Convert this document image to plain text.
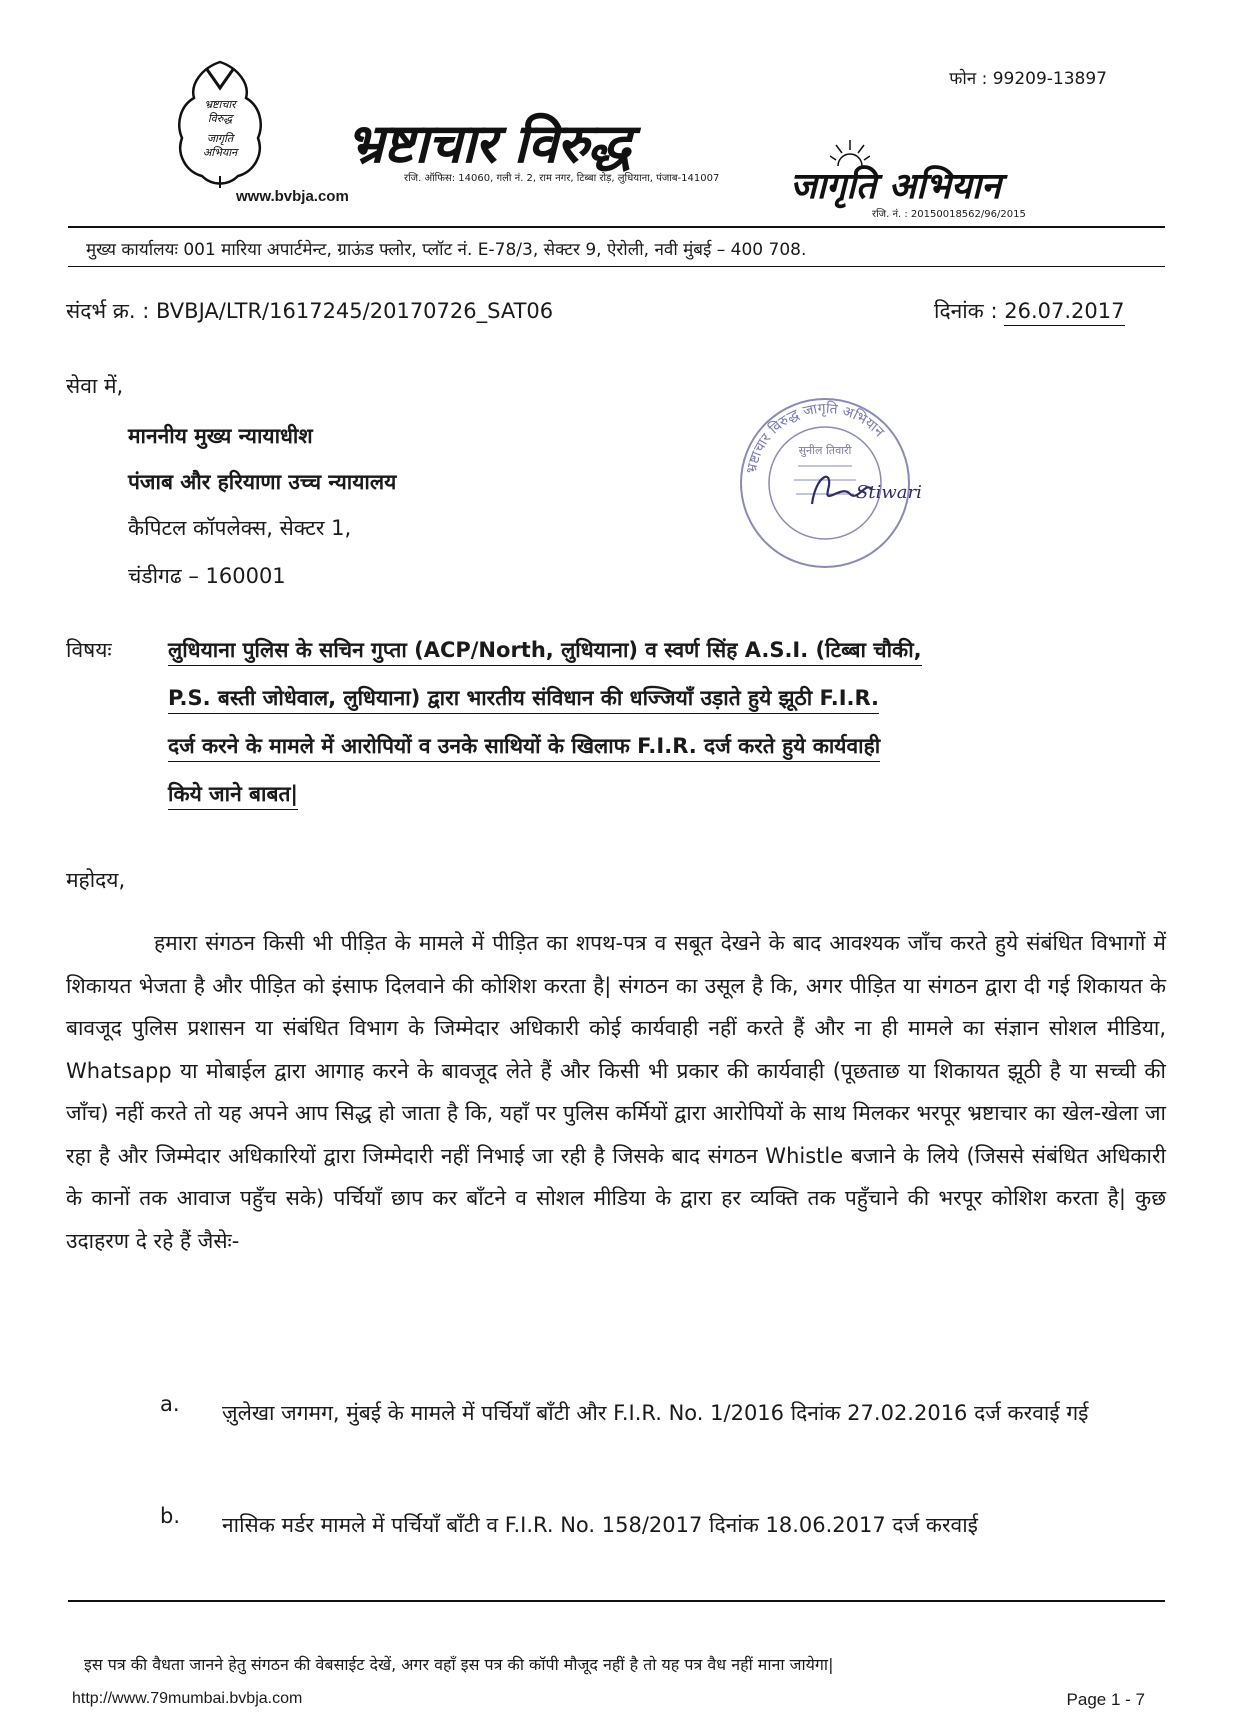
फोन : 99209-13897
भ्रष्टाचार
विरुद्ध
जागृति
अभियान
www.bvbja.com
भ्रष्टाचार विरुद्ध
रजि. ऑफिस: 14060, गली नं. 2, राम नगर, टिब्बा रोड़, लुधियाना, पंजाब-141007 जागृति अभियान
रजि. नं. : 20150018562/96/2015
मुख्य कार्यालयः 001 मारिया अपार्टमेन्ट, ग्राऊंड फ्लोर, प्लॉट नं. E-78/3, सेक्टर 9, ऐरोली, नवी मुंबई – 400 708.
संदर्भ क्र. : BVBJA/LTR/1617245/20170726_SAT06	दिनांक : 26.07.2017
सेवा में,
माननीय मुख्य न्यायाधीश
पंजाब और हरियाणा उच्च न्यायालय
कैपिटल कॉपलेक्स, सेक्टर 1,
चंडीगढ – 160001
भ्रष्टाचार विरुद्ध जागृति अभियान
सुनील तिवारी
Stiwari
विषयः	लुधियाना पुलिस के सचिन गुप्ता (ACP/North, लुधियाना) व स्वर्ण सिंह A.S.I. (टिब्बा चौकी,
P.S. बस्ती जोधेवाल, लुधियाना) द्वारा भारतीय संविधान की धज्जियाँ उड़ाते हुये झूठी F.I.R.
दर्ज करने के मामले में आरोपियों व उनके साथियों के खिलाफ F.I.R. दर्ज करते हुये कार्यवाही
किये जाने बाबत|
महोदय,

हमारा संगठन किसी भी पीड़ित के मामले में पीड़ित का शपथ-पत्र व सबूत देखने के बाद आवश्यक जाँच करते हुये संबंधित विभागों में शिकायत भेजता है और पीड़ित को इंसाफ दिलवाने की कोशिश करता है| संगठन का उसूल है कि, अगर पीड़ित या संगठन द्वारा दी गई शिकायत के बावजूद पुलिस प्रशासन या संबंधित विभाग के जिम्मेदार अधिकारी कोई कार्यवाही नहीं करते हैं और ना ही मामले का संज्ञान सोशल मीडिया, Whatsapp या मोबाईल द्वारा आगाह करने के बावजूद लेते हैं और किसी भी प्रकार की कार्यवाही (पूछताछ या शिकायत झूठी है या सच्ची की जाँच) नहीं करते तो यह अपने आप सिद्ध हो जाता है कि, यहाँ पर पुलिस कर्मियों द्वारा आरोपियों के साथ मिलकर भरपूर भ्रष्टाचार का खेल-खेला जा रहा है और जिम्मेदार अधिकारियों द्वारा जिम्मेदारी नहीं निभाई जा रही है जिसके बाद संगठन Whistle बजाने के लिये (जिससे संबंधित अधिकारी के कानों तक आवाज पहुँच सके) पर्चियाँ छाप कर बाँटने व सोशल मीडिया के द्वारा हर व्यक्ति तक पहुँचाने की भरपूर कोशिश करता है| कुछ उदाहरण दे रहे हैं जैसेः-

a. ज़ुलेखा जगमग, मुंबई के मामले में पर्चियाँ बाँटी और F.I.R. No. 1/2016 दिनांक 27.02.2016 दर्ज करवाई गई
b. नासिक मर्डर मामले में पर्चियाँ बाँटी व F.I.R. No. 158/2017 दिनांक 18.06.2017 दर्ज करवाई
इस पत्र की वैधता जानने हेतु संगठन की वेबसाईट देखें, अगर वहाँ इस पत्र की कॉपी मौजूद नहीं है तो यह पत्र वैध नहीं माना जायेगा|
http://www.79mumbai.bvbja.com	Page 1 - 7
